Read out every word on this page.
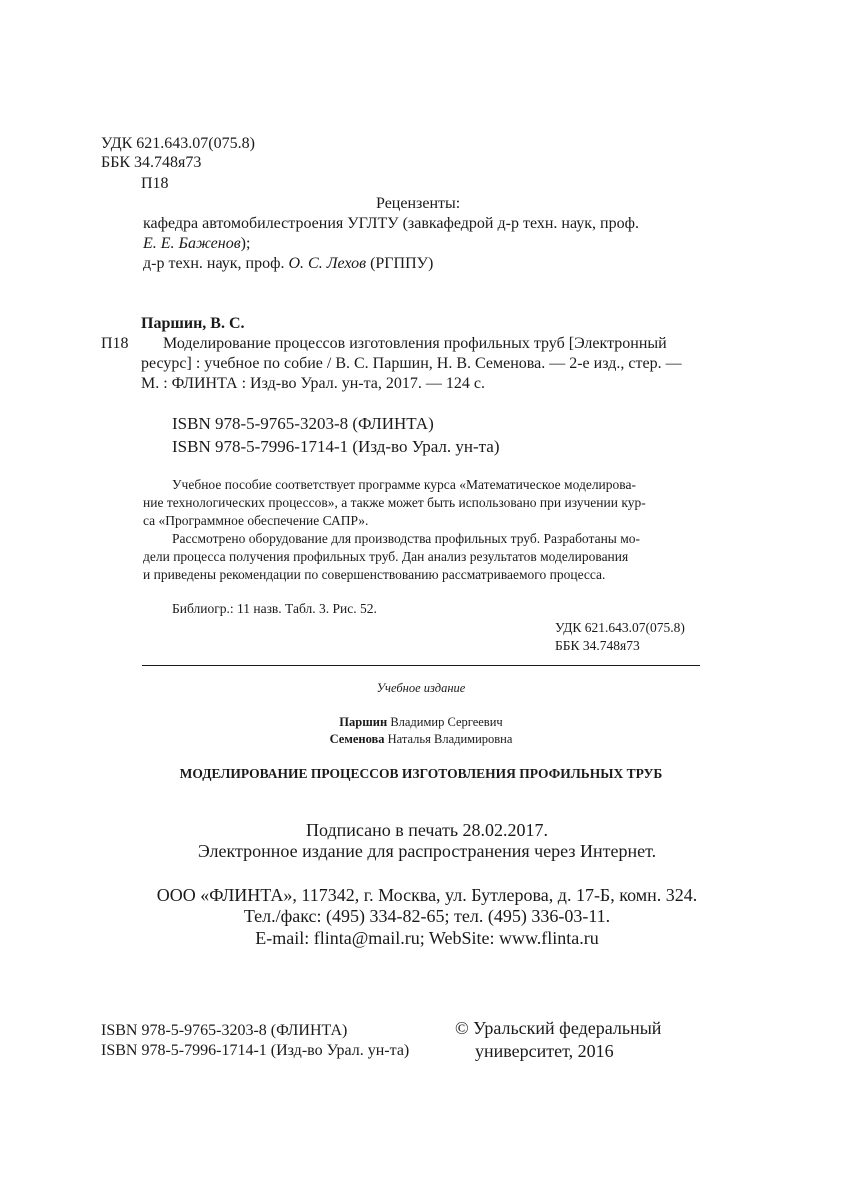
УДК 621.643.07(075.8)
ББК 34.748я73
П18
Рецензенты:
кафедра автомобилестроения УГЛТУ (завкафедрой д-р техн. наук, проф.
Е. Е. Баженов);
д-р техн. наук, проф. О. С. Лехов (РГППУ)
Паршин, В. С.
П18 Моделирование процессов изготовления профильных труб [Электронный
ресурс] : учебное по собие / В. С. Паршин, Н. В. Семенова. — 2-е изд., стер. —
М. : ФЛИНТА : Изд-во Урал. ун-та, 2017. — 124 с.
ISBN 978-5-9765-3203-8 (ФЛИНТА)
ISBN 978-5-7996-1714-1 (Изд-во Урал. ун-та)
Учебное пособие соответствует программе курса «Математическое моделирова-
ние технологических процессов», а также может быть использовано при изучении кур-
са «Программное обеспечение САПР».
Рассмотрено оборудование для производства профильных труб. Разработаны мо-
дели процесса получения профильных труб. Дан анализ результатов моделирования
и приведены рекомендации по совершенствованию рассматриваемого процесса.
Библиогр.: 11 назв. Табл. 3. Рис. 52.
УДК 621.643.07(075.8)
ББК 34.748я73
Учебное издание
Паршин Владимир Сергеевич
Семенова Наталья Владимировна
МОДЕЛИРОВАНИЕ ПРОЦЕССОВ ИЗГОТОВЛЕНИЯ ПРОФИЛЬНЫХ ТРУБ
Подписано в печать 28.02.2017.
Электронное издание для распространения через Интернет.
ООО «ФЛИНТА», 117342, г. Москва, ул. Бутлерова, д. 17-Б, комн. 324.
Тел./факс: (495) 334-82-65; тел. (495) 336-03-11.
E-mail: flinta@mail.ru; WebSite: www.flinta.ru
ISBN 978-5-9765-3203-8 (ФЛИНТА)
ISBN 978-5-7996-1714-1 (Изд-во Урал. ун-та)
© Уральский федеральный
университет, 2016
